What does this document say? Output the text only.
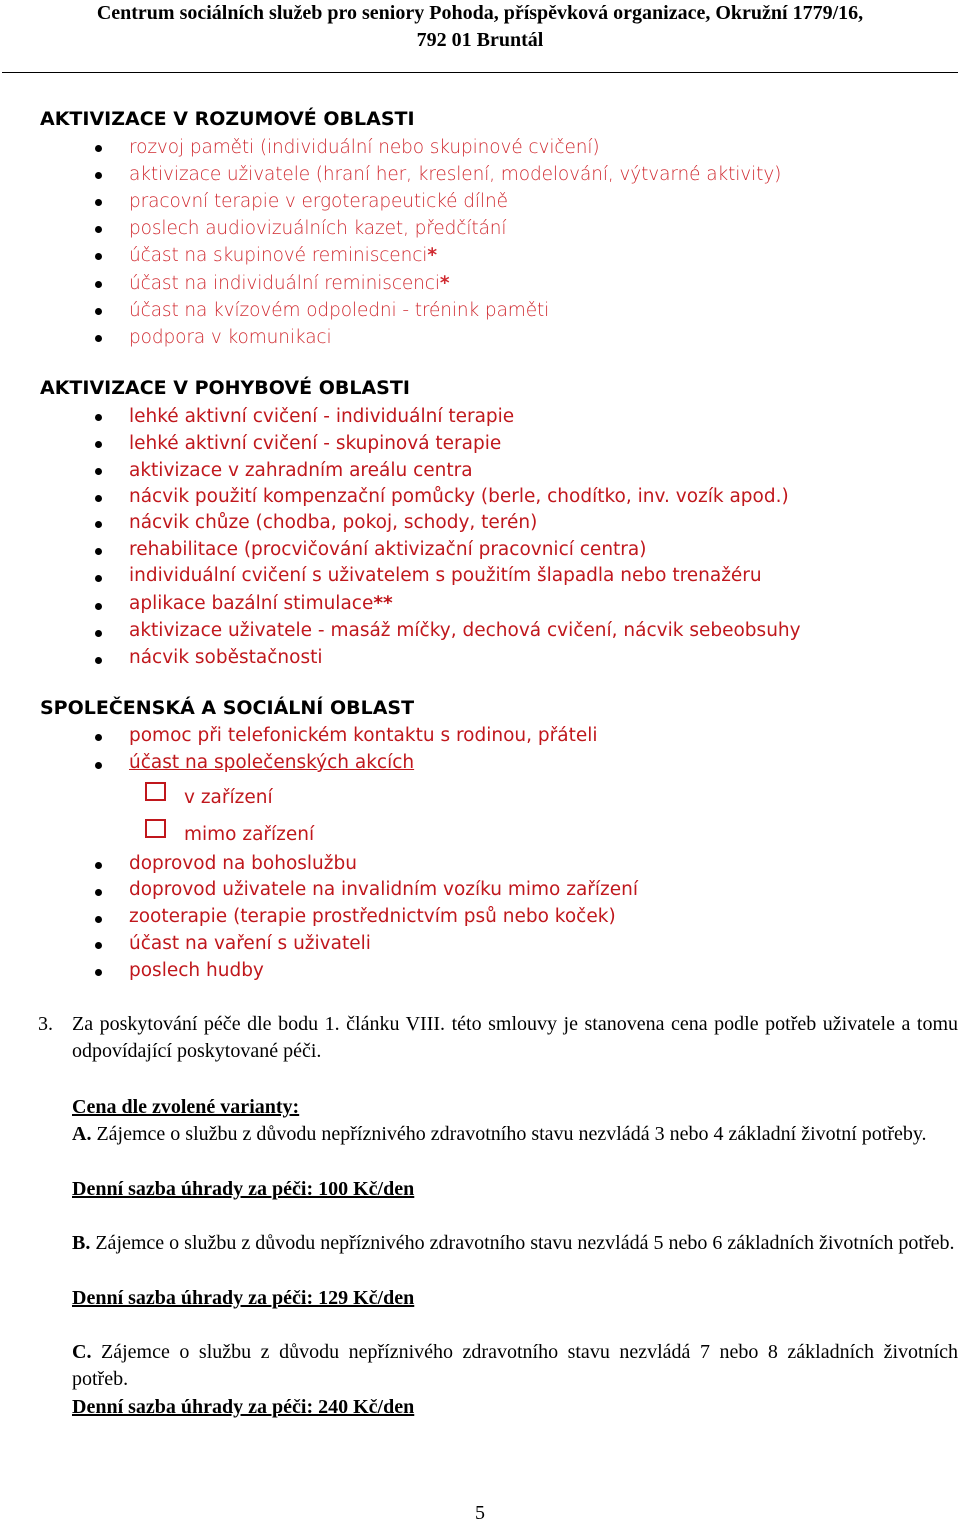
Centrum sociálních služeb pro seniory Pohoda, příspěvková organizace, Okružní 1779/16,
792 01 Bruntál
AKTIVIZACE V ROZUMOVÉ OBLASTI
rozvoj paměti (individuální nebo skupinové cvičení)
aktivizace uživatele (hraní her, kreslení, modelování, výtvarné aktivity)
pracovní terapie v ergoterapeutické dílně
poslech audiovizuálních kazet, předčítání
účast na skupinové reminiscenci*
účast na individuální reminiscenci*
účast na kvízovém odpoledni - trénink paměti
podpora v komunikaci
AKTIVIZACE V POHYBOVÉ OBLASTI
lehké aktivní cvičení - individuální terapie
lehké aktivní cvičení - skupinová terapie
aktivizace v zahradním areálu centra
nácvik použití kompenzační pomůcky (berle, chodítko, inv. vozík apod.)
nácvik chůze (chodba, pokoj, schody, terén)
rehabilitace (procvičování aktivizační pracovnicí centra)
individuální cvičení s uživatelem s použitím šlapadla nebo trenažéru
aplikace bazální stimulace**
aktivizace uživatele - masáž míčky, dechová cvičení, nácvik sebeobsuhy
nácvik soběstačnosti
SPOLEČENSKÁ A SOCIÁLNÍ OBLAST
pomoc při telefonickém kontaktu s rodinou, přáteli
účast na společenských akcích
v zařízení
mimo zařízení
doprovod na bohoslužbu
doprovod uživatele na invalidním vozíku mimo zařízení
zooterapie (terapie prostřednictvím psů nebo koček)
účast na vaření s uživateli
poslech hudby
3. Za poskytování péče dle bodu 1. článku VIII. této smlouvy je stanovena cena podle potřeb uživatele a tomu odpovídající poskytované péči.
Cena dle zvolené varianty:
A. Zájemce o službu z důvodu nepříznivého zdravotního stavu nezvládá 3 nebo 4 základní životní potřeby.
Denní sazba úhrady za péči: 100 Kč/den
B. Zájemce o službu z důvodu nepříznivého zdravotního stavu nezvládá 5 nebo 6 základních životních potřeb.
Denní sazba úhrady za péči: 129 Kč/den
C. Zájemce o službu z důvodu nepříznivého zdravotního stavu nezvládá 7 nebo 8 základních životních potřeb.
Denní sazba úhrady za péči: 240 Kč/den
5
